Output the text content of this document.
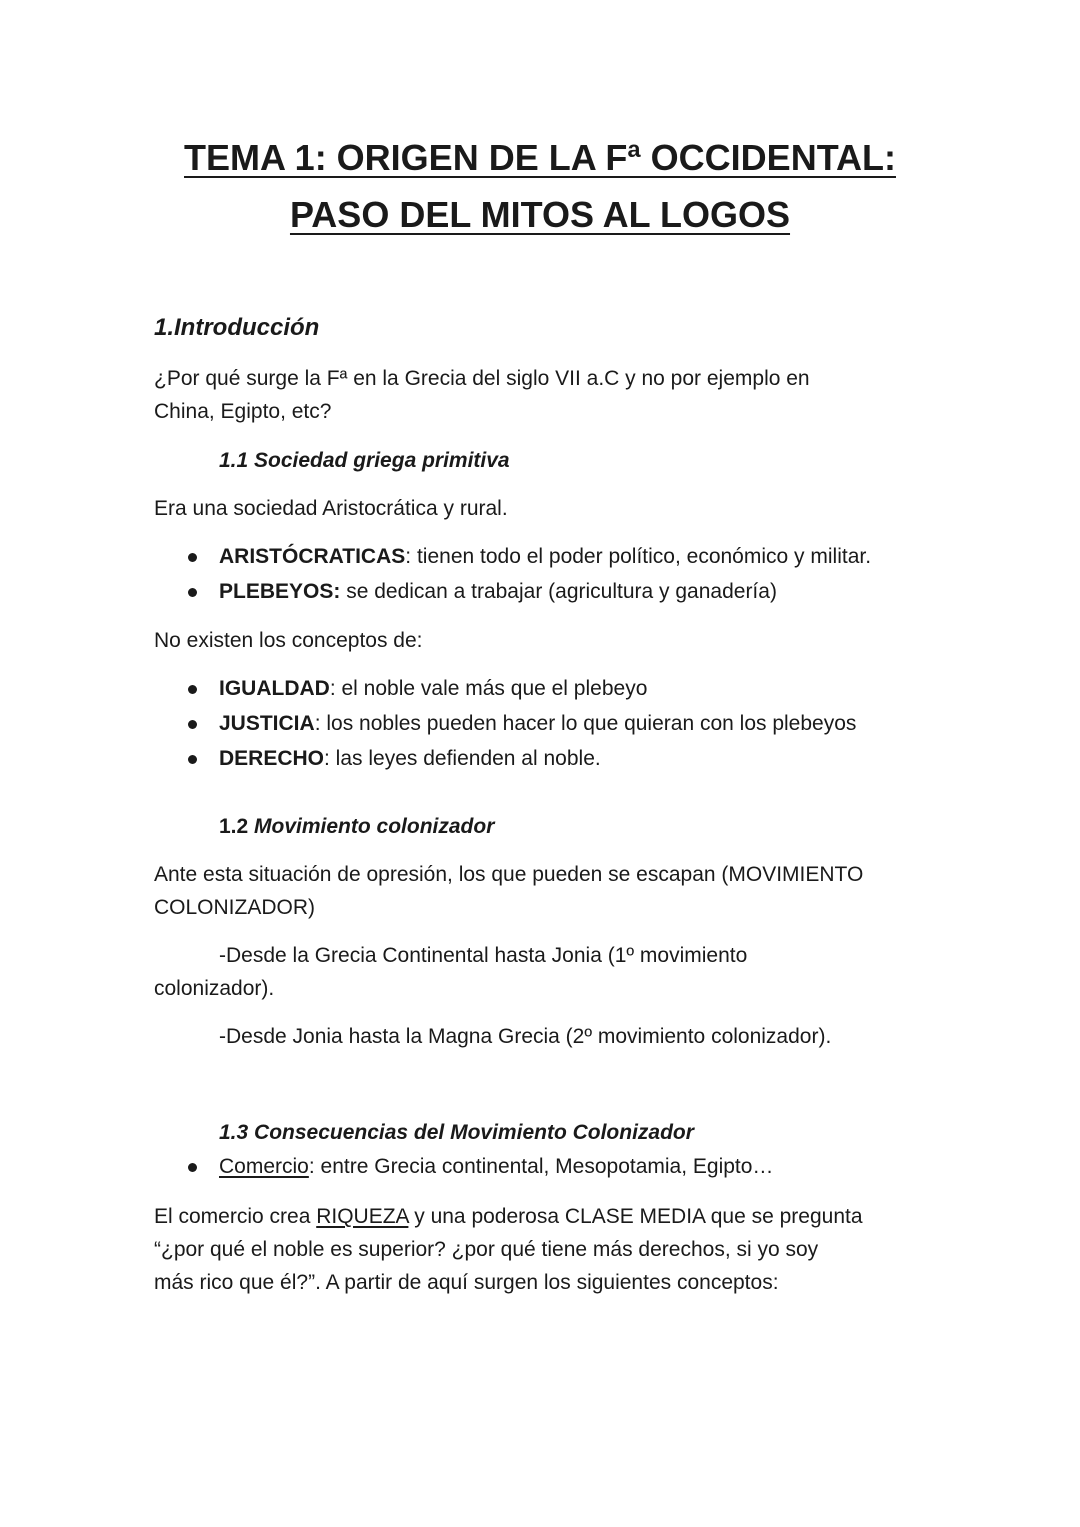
TEMA 1: ORIGEN DE LA Fª OCCIDENTAL:
PASO DEL MITOS AL LOGOS
1.Introducción

¿Por qué surge la Fª en la Grecia del siglo VII a.C y no por ejemplo en

China, Egipto, etc?

1.1 Sociedad griega primitiva

Era una sociedad Aristocrática y rural.

ARISTÓCRATICAS: tienen todo el poder político, económico y militar.

PLEBEYOS: se dedican a trabajar (agricultura y ganadería)

No existen los conceptos de:

IGUALDAD: el noble vale más que el plebeyo

JUSTICIA: los nobles pueden hacer lo que quieran con los plebeyos

DERECHO: las leyes defienden al noble.

1.2 Movimiento colonizador

Ante esta situación de opresión, los que pueden se escapan (MOVIMIENTO

COLONIZADOR)

-Desde la Grecia Continental hasta Jonia (1º movimiento

colonizador).

-Desde Jonia hasta la Magna Grecia (2º movimiento colonizador).

1.3 Consecuencias del Movimiento Colonizador

Comercio: entre Grecia continental, Mesopotamia, Egipto…

El comercio crea RIQUEZA y una poderosa CLASE MEDIA que se pregunta

“¿por qué el noble es superior? ¿por qué tiene más derechos, si yo soy

más rico que él?”. A partir de aquí surgen los siguientes conceptos:
